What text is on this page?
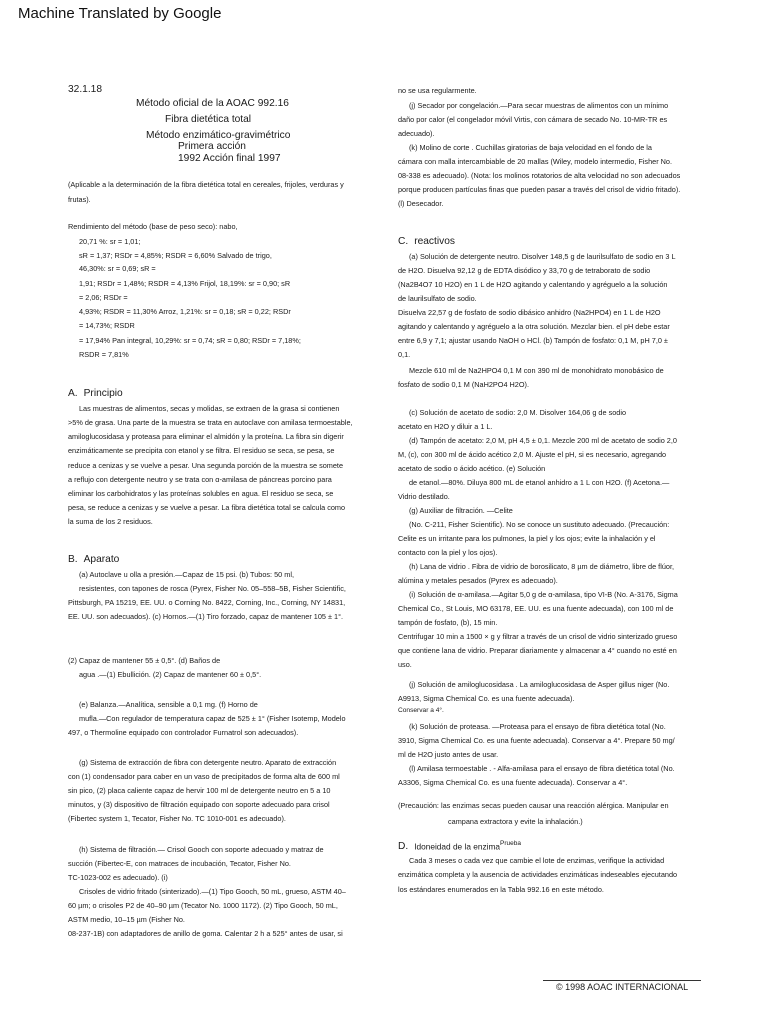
Machine Translated by Google
32.1.18
Método oficial de la AOAC 992.16
Fibra dietética total
Método enzimático-gravimétrico
Primera acción
1992 Acción final 1997
(Aplicable a la determinación de la fibra dietética total en cereales, frijoles, verduras y
frutas).
Rendimiento del método (base de peso seco): nabo,
20,71 %: sr = 1,01;
sR = 1,37; RSDr = 4,85%; RSDR = 6,60% Salvado de trigo,
46,30%: sr = 0,69; sR =
1,91; RSDr = 1,48%; RSDR = 4,13% Frijol, 18,19%: sr = 0,90; sR
= 2,06; RSDr =
4,93%; RSDR = 11,30% Arroz, 1,21%: sr = 0,18; sR = 0,22; RSDr
= 14,73%; RSDR
= 17,94% Pan integral, 10,29%: sr = 0,74; sR = 0,80; RSDr = 7,18%;
RSDR = 7,81%
A. Principio
Las muestras de alimentos, secas y molidas, se extraen de la grasa si contienen
>5% de grasa. Una parte de la muestra se trata en autoclave con amilasa termoestable,
amiloglucosidasa y proteasa para eliminar el almidón y la proteína. La fibra sin digerir
enzimáticamente se precipita con etanol y se filtra. El residuo se seca, se pesa, se
reduce a cenizas y se vuelve a pesar. Una segunda porción de la muestra se somete
a reflujo con detergente neutro y se trata con α-amilasa de páncreas porcino para
eliminar los carbohidratos y las proteínas solubles en agua. El residuo se seca, se
pesa, se reduce a cenizas y se vuelve a pesar. La fibra dietética total se calcula como
la suma de los 2 residuos.
B. Aparato
(a) Autoclave u olla a presión.—Capaz de 15 psi. (b) Tubos: 50 ml,
resistentes, con tapones de rosca (Pyrex, Fisher No. 05–558–5B, Fisher Scientific,
Pittsburgh, PA 15219, EE. UU. o Corning No. 8422, Corning, Inc., Corning, NY 14831,
EE. UU. son adecuados). (c) Hornos.—(1) Tiro forzado, capaz de mantener 105 ± 1°.
(2) Capaz de mantener 55 ± 0,5°. (d) Baños de
agua .—(1) Ebullición. (2) Capaz de mantener 60 ± 0,5°.
(e) Balanza.—Analítica, sensible a 0,1 mg. (f) Horno de
mufla.—Con regulador de temperatura capaz de 525 ± 1° (Fisher Isotemp, Modelo
497, o Thermoline equipado con controlador Furnatrol son adecuados).
(g) Sistema de extracción de fibra con detergente neutro. Aparato de extracción
con (1) condensador para caber en un vaso de precipitados de forma alta de 600 ml
sin pico, (2) placa caliente capaz de hervir 100 ml de detergente neutro en 5 a 10
minutos, y (3) dispositivo de filtración equipado con soporte adecuado para crisol
(Fibertec system 1, Tecator, Fisher No. TC 1010-001 es adecuado).
(h) Sistema de filtración.— Crisol Gooch con soporte adecuado y matraz de
succión (Fibertec-E, con matraces de incubación, Tecator, Fisher No.
TC-1023-002 es adecuado). (i)
Crisoles de vidrio fritado (sinterizado).—(1) Tipo Gooch, 50 mL, grueso, ASTM 40–
60 µm; o crisoles P2 de 40–90 µm (Tecator No. 1000 1172). (2) Tipo Gooch, 50 mL,
ASTM medio, 10–15 µm (Fisher No.
08-237-1B) con adaptadores de anillo de goma. Calentar 2 h a 525° antes de usar, si
no se usa regularmente.
(j) Secador por congelación.—Para secar muestras de alimentos con un mínimo
daño por calor (el congelador móvil Virtis, con cámara de secado No. 10-MR-TR es
adecuado).
(k) Molino de corte . Cuchillas giratorias de baja velocidad en el fondo de la
cámara con malla intercambiable de 20 mallas (Wiley, modelo intermedio, Fisher No.
08-338 es adecuado). (Nota: los molinos rotatorios de alta velocidad no son adecuados
porque producen partículas finas que pueden pasar a través del crisol de vidrio fritado).
(l) Desecador.
C. reactivos
(a) Solución de detergente neutro. Disolver 148,5 g de laurilsulfato de sodio en 3 L
de H2O. Disuelva 92,12 g de EDTA disódico y 33,70 g de tetraborato de sodio
(Na2B4O7 10 H2O) en 1 L de H2O agitando y calentando y agréguelo a la solución
de laurilsulfato de sodio.
Disuelva 22,57 g de fosfato de sodio dibásico anhidro (Na2HPO4) en 1 L de H2O
agitando y calentando y agréguelo a la otra solución. Mezclar bien. el pH debe estar
entre 6,9 y 7,1; ajustar usando NaOH o HCl. (b) Tampón de fosfato: 0,1 M, pH 7,0 ±
0,1.
Mezcle 610 ml de Na2HPO4 0,1 M con 390 ml de monohidrato monobásico de
fosfato de sodio 0,1 M (NaH2PO4 H2O).
(c) Solución de acetato de sodio: 2,0 M. Disolver 164,06 g de sodio
acetato en H2O y diluir a 1 L.
(d) Tampón de acetato: 2,0 M, pH 4,5 ± 0,1. Mezcle 200 ml de acetato de sodio 2,0
M, (c), con 300 ml de ácido acético 2,0 M. Ajuste el pH, si es necesario, agregando
acetato de sodio o ácido acético. (e) Solución
de etanol.—80%. Diluya 800 mL de etanol anhidro a 1 L con H2O. (f) Acetona.—
Vidrio destilado.
(g) Auxiliar de filtración. —Celite
(No. C-211, Fisher Scientific). No se conoce un sustituto adecuado. (Precaución:
Celite es un irritante para los pulmones, la piel y los ojos; evite la inhalación y el
contacto con la piel y los ojos).
(h) Lana de vidrio . Fibra de vidrio de borosilicato, 8 µm de diámetro, libre de flúor,
alúmina y metales pesados (Pyrex es adecuado).
(i) Solución de α-amilasa.—Agitar 5,0 g de α-amilasa, tipo VI-B (No. A-3176, Sigma
Chemical Co., St Louis, MO 63178, EE. UU. es una fuente adecuada), con 100 ml de
tampón de fosfato, (b), 15 min.
Centrifugar 10 min a 1500 × g y filtrar a través de un crisol de vidrio sinterizado grueso
que contiene lana de vidrio. Preparar diariamente y almacenar a 4° cuando no esté en
uso.
(j) Solución de amiloglucosidasa . La amiloglucosidasa de Asper gillus niger (No.
A9913, Sigma Chemical Co. es una fuente adecuada).
Conservar a 4°.
(k) Solución de proteasa. —Proteasa para el ensayo de fibra dietética total (No.
3910, Sigma Chemical Co. es una fuente adecuada). Conservar a 4°. Prepare 50 mg/
ml de H2O justo antes de usar.
(l) Amilasa termoestable . - Alfa-amilasa para el ensayo de fibra dietética total (No.
A3306, Sigma Chemical Co. es una fuente adecuada). Conservar a 4°.
(Precaución: las enzimas secas pueden causar una reacción alérgica. Manipular en
campana extractora y evite la inhalación.)
D. Idoneidad de la enzima$^{Prueba}$
Cada 3 meses o cada vez que cambie el lote de enzimas, verifique la actividad
enzimática completa y la ausencia de actividades enzimáticas indeseables ejecutando
los estándares enumerados en la Tabla 992.16 en este método.
© 1998 AOAC INTERNACIONAL
